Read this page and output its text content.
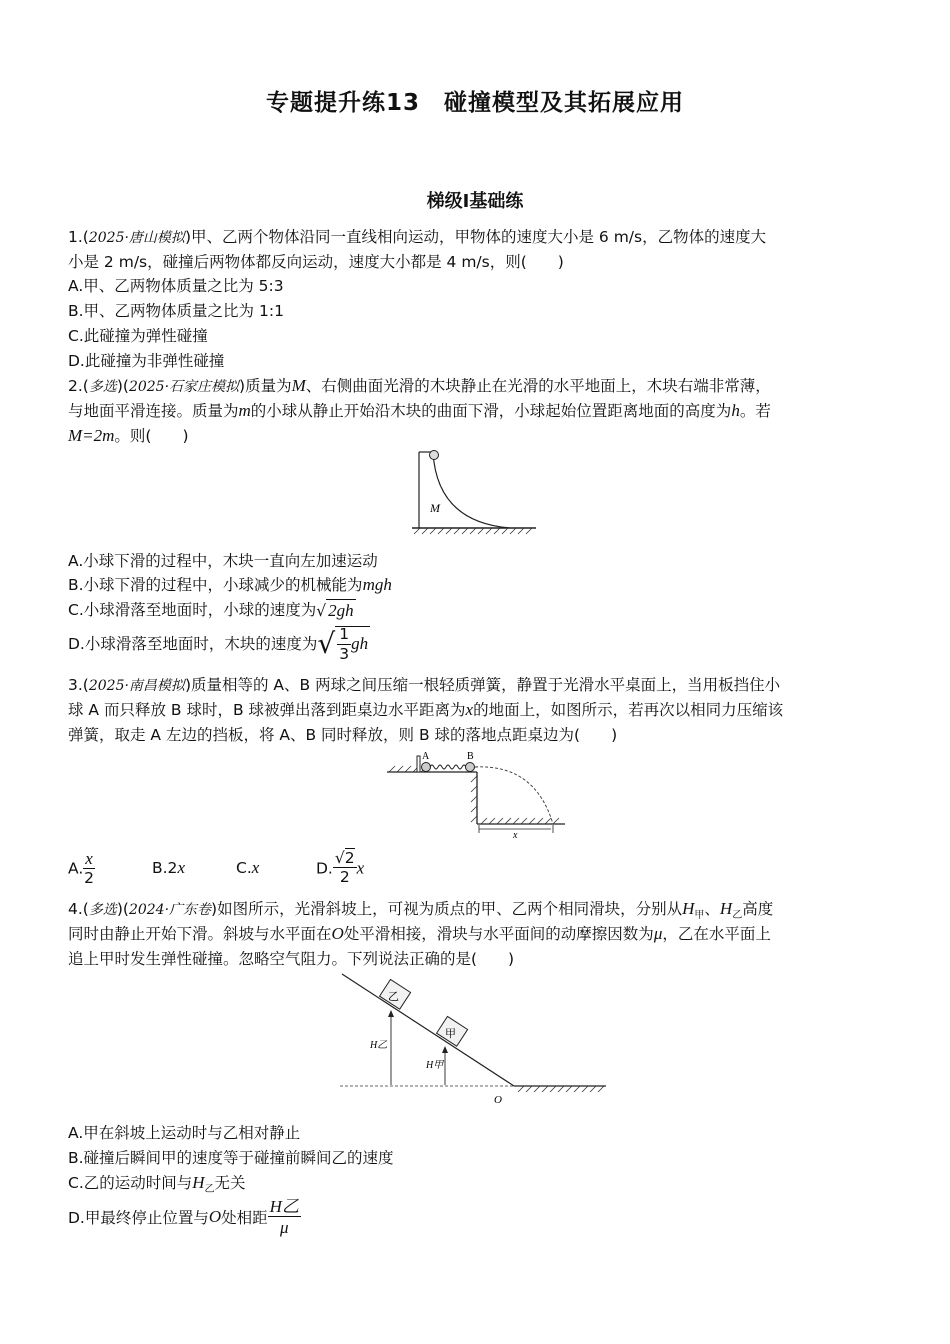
专题提升练13　碰撞模型及其拓展应用
梯级Ⅰ基础练
1.(2025·唐山模拟)甲、乙两个物体沿同一直线相向运动，甲物体的速度大小是 6 m/s，乙物体的速度大
小是 2 m/s，碰撞后两物体都反向运动，速度大小都是 4 m/s，则(　　)
A.甲、乙两物体质量之比为 5:3
B.甲、乙两物体质量之比为 1:1
C.此碰撞为弹性碰撞
D.此碰撞为非弹性碰撞
2.(多选)(2025·石家庄模拟)质量为M、右侧曲面光滑的木块静止在光滑的水平地面上，木块右端非常薄，
与地面平滑连接。质量为m的小球从静止开始沿木块的曲面下滑，小球起始位置距离地面的高度为h。若
M=2m。则(　　)
M
A.小球下滑的过程中，木块一直向左加速运动
B.小球下滑的过程中，小球减少的机械能为mgh
C.小球滑落至地面时，小球的速度为√ 2gh
D.小球滑落至地面时，木块的速度为√ $\frac{1}{3}$ gh
3.(2025·南昌模拟)质量相等的 A、B 两球之间压缩一根轻质弹簧，静置于光滑水平桌面上，当用板挡住小
球 A 而只释放 B 球时，B 球被弹出落到距桌边水平距离为x的地面上，如图所示，若再次以相同力压缩该
弹簧，取走 A 左边的挡板，将 A、B 同时释放，则 B 球的落地点距桌边为(　　)
A	B
x
A. $\frac{x}{2}$	B.2x	C.x	D. $\frac{√2}{2}$ x
4.(多选)(2024·广东卷)如图所示，光滑斜坡上，可视为质点的甲、乙两个相同滑块，分别从$H_甲$、$H_乙$高度
同时由静止开始下滑。斜坡与水平面在O处平滑相接，滑块与水平面间的动摩擦因数为μ，乙在水平面上
追上甲时发生弹性碰撞。忽略空气阻力。下列说法正确的是(　　)
乙
甲
H乙
H甲
O
A.甲在斜坡上运动时与乙相对静止
B.碰撞后瞬间甲的速度等于碰撞前瞬间乙的速度
C.乙的运动时间与$H_乙$无关
D.甲最终停止位置与O处相距 $\frac{\text{H乙}}{\mu}$
